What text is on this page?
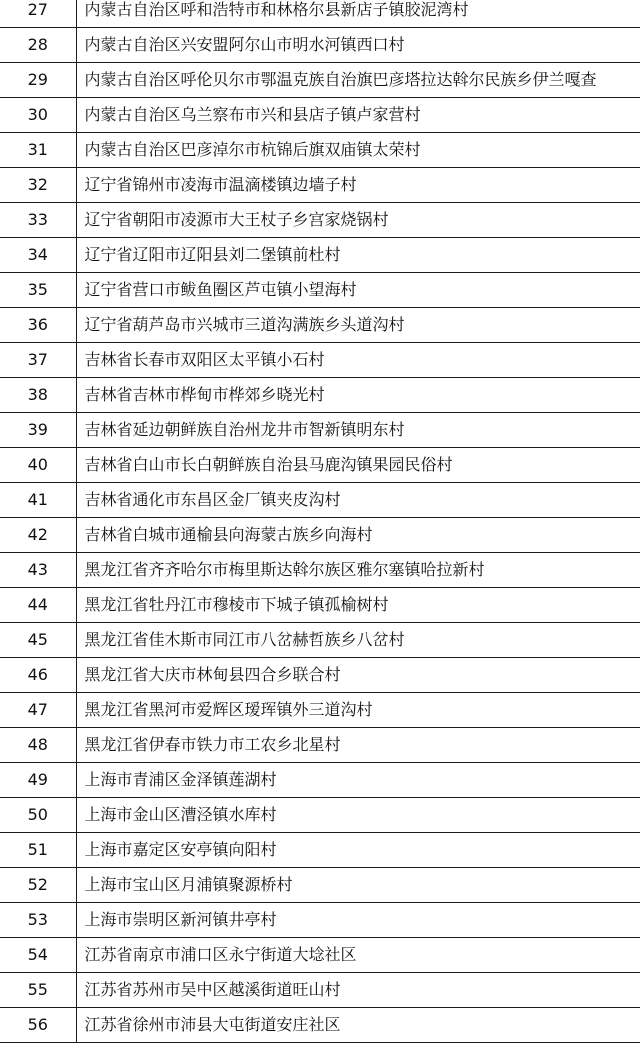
27	内蒙古自治区呼和浩特市和林格尔县新店子镇胶泥湾村
28	内蒙古自治区兴安盟阿尔山市明水河镇西口村
29	内蒙古自治区呼伦贝尔市鄂温克族自治旗巴彦塔拉达斡尔民族乡伊兰嘎查
30	内蒙古自治区乌兰察布市兴和县店子镇卢家营村
31	内蒙古自治区巴彦淖尔市杭锦后旗双庙镇太荣村
32	辽宁省锦州市凌海市温滴楼镇边墙子村
33	辽宁省朝阳市凌源市大王杖子乡宫家烧锅村
34	辽宁省辽阳市辽阳县刘二堡镇前杜村
35	辽宁省营口市鲅鱼圈区芦屯镇小望海村
36	辽宁省葫芦岛市兴城市三道沟满族乡头道沟村
37	吉林省长春市双阳区太平镇小石村
38	吉林省吉林市桦甸市桦郊乡晓光村
39	吉林省延边朝鲜族自治州龙井市智新镇明东村
40	吉林省白山市长白朝鲜族自治县马鹿沟镇果园民俗村
41	吉林省通化市东昌区金厂镇夹皮沟村
42	吉林省白城市通榆县向海蒙古族乡向海村
43	黑龙江省齐齐哈尔市梅里斯达斡尔族区雅尔塞镇哈拉新村
44	黑龙江省牡丹江市穆棱市下城子镇孤榆树村
45	黑龙江省佳木斯市同江市八岔赫哲族乡八岔村
46	黑龙江省大庆市林甸县四合乡联合村
47	黑龙江省黑河市爱辉区瑷珲镇外三道沟村
48	黑龙江省伊春市铁力市工农乡北星村
49	上海市青浦区金泽镇莲湖村
50	上海市金山区漕泾镇水库村
51	上海市嘉定区安亭镇向阳村
52	上海市宝山区月浦镇聚源桥村
53	上海市崇明区新河镇井亭村
54	江苏省南京市浦口区永宁街道大埝社区
55	江苏省苏州市吴中区越溪街道旺山村
56	江苏省徐州市沛县大屯街道安庄社区
